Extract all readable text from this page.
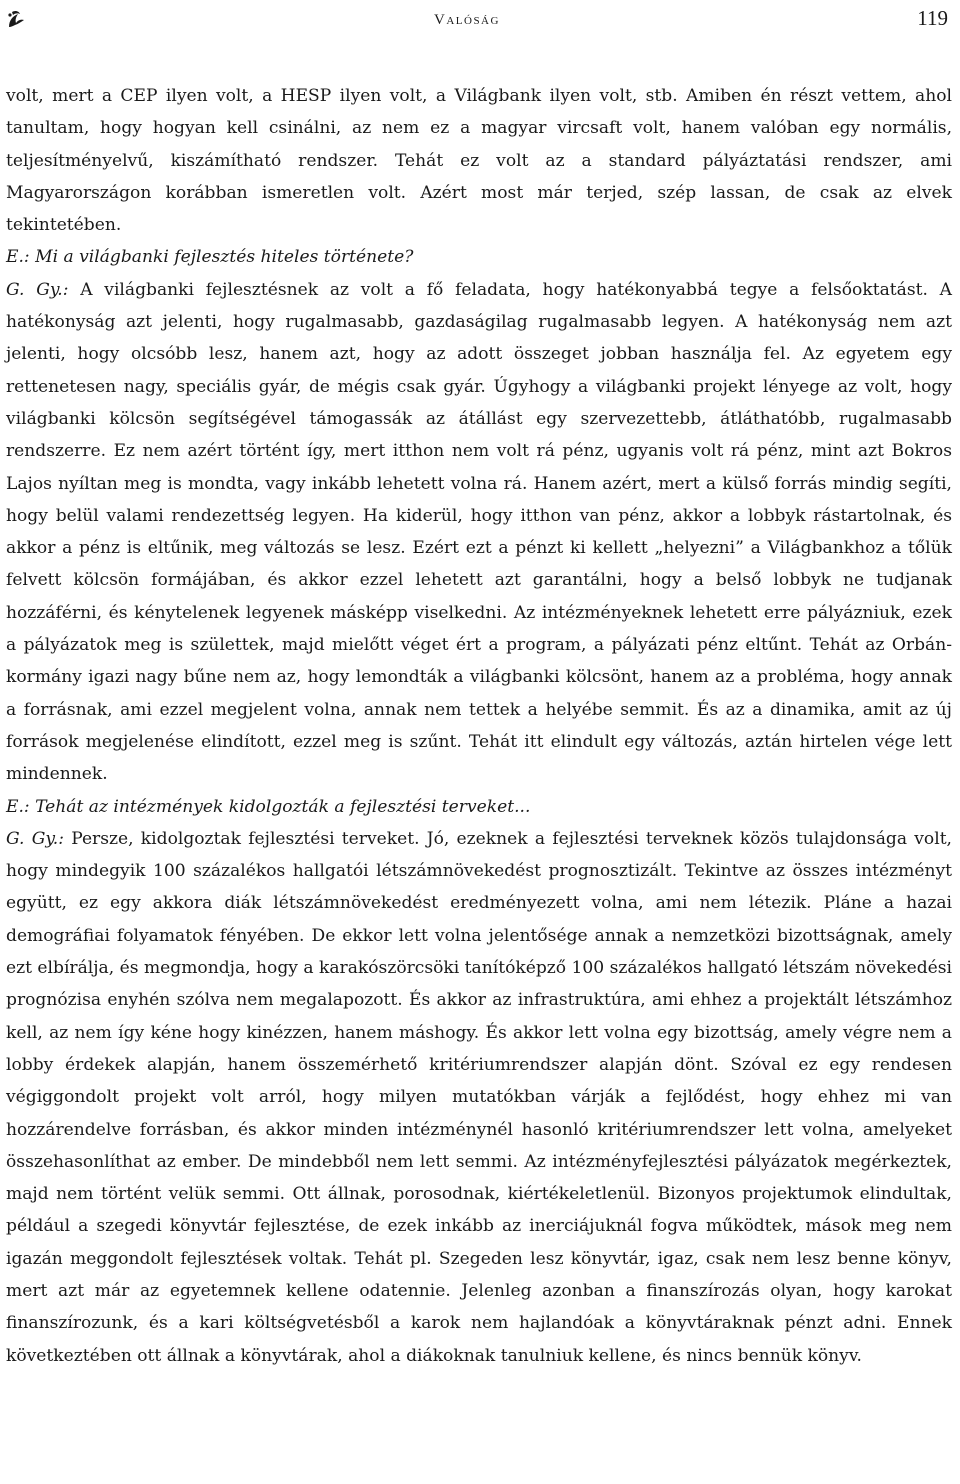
Valóság	119

volt, mert a CEP ilyen volt, a HESP ilyen volt, a Világbank ilyen volt, stb. Amiben én részt vettem, ahol tanultam, hogy hogyan kell csinálni, az nem ez a magyar vircsaft volt, hanem valóban egy normális, teljesítményelvű, kiszámítható rendszer. Tehát ez volt az a standard pályáztatási rendszer, ami Magyarországon korábban ismeretlen volt. Azért most már terjed, szép lassan, de csak az elvek tekintetében.

E.: Mi a világbanki fejlesztés hiteles története?

G. Gy.: A világbanki fejlesztésnek az volt a fő feladata, hogy hatékonyabbá tegye a felsőoktatást. A hatékonyság azt jelenti, hogy rugalmasabb, gazdaságilag rugalmasabb legyen. A hatékonyság nem azt jelenti, hogy olcsóbb lesz, hanem azt, hogy az adott összeget jobban használja fel. Az egyetem egy rettenetesen nagy, speciális gyár, de mégis csak gyár. Úgyhogy a világbanki projekt lényege az volt, hogy világbanki kölcsön segítségével támogassák az átállást egy szervezettebb, átláthatóbb, rugalmasabb rendszerre. Ez nem azért történt így, mert itthon nem volt rá pénz, ugyanis volt rá pénz, mint azt Bokros Lajos nyíltan meg is mondta, vagy inkább lehetett volna rá. Hanem azért, mert a külső forrás mindig segíti, hogy belül valami rendezettség legyen. Ha kiderül, hogy itthon van pénz, akkor a lobbyk rástartolnak, és akkor a pénz is eltűnik, meg változás se lesz. Ezért ezt a pénzt ki kellett „helyezni” a Világbankhoz a tőlük felvett kölcsön formájában, és akkor ezzel lehetett azt garantálni, hogy a belső lobbyk ne tudjanak hozzáférni, és kénytelenek legyenek másképp viselkedni. Az intézményeknek lehetett erre pályázniuk, ezek a pályázatok meg is születtek, majd mielőtt véget ért a program, a pályázati pénz eltűnt. Tehát az Orbán-kormány igazi nagy bűne nem az, hogy lemondták a világbanki kölcsönt, hanem az a probléma, hogy annak a forrásnak, ami ezzel megjelent volna, annak nem tettek a helyébe semmit. És az a dinamika, amit az új források megjelenése elindított, ezzel meg is szűnt. Tehát itt elindult egy változás, aztán hirtelen vége lett mindennek.

E.: Tehát az intézmények kidolgozták a fejlesztési terveket...

G. Gy.: Persze, kidolgoztak fejlesztési terveket. Jó, ezeknek a fejlesztési terveknek közös tulajdonsága volt, hogy mindegyik 100 százalékos hallgatói létszámnövekedést prognosztizált. Tekintve az összes intézményt együtt, ez egy akkora diák létszámnövekedést eredményezett volna, ami nem létezik. Pláne a hazai demográfiai folyamatok fényében. De ekkor lett volna jelentősége annak a nemzetközi bizottságnak, amely ezt elbírálja, és megmondja, hogy a karakószörcsöki tanítóképző 100 százalékos hallgató létszám növekedési prognózisa enyhén szólva nem megalapozott. És akkor az infrastruktúra, ami ehhez a projektált létszámhoz kell, az nem így kéne hogy kinézzen, hanem máshogy. És akkor lett volna egy bizottság, amely végre nem a lobby érdekek alapján, hanem összemérhető kritériumrendszer alapján dönt. Szóval ez egy rendesen végiggondolt projekt volt arról, hogy milyen mutatókban várják a fejlődést, hogy ehhez mi van hozzárendelve forrásban, és akkor minden intézménynél hasonló kritériumrendszer lett volna, amelyeket összehasonlíthat az ember. De mindebből nem lett semmi. Az intézményfejlesztési pályázatok megérkeztek, majd nem történt velük semmi. Ott állnak, porosodnak, kiértékeletlenül. Bizonyos projektumok elindultak, például a szegedi könyvtár fejlesztése, de ezek inkább az inerciájuknál fogva működtek, mások meg nem igazán meggondolt fejlesztések voltak. Tehát pl. Szegeden lesz könyvtár, igaz, csak nem lesz benne könyv, mert azt már az egyetemnek kellene odatennie. Jelenleg azonban a finanszírozás olyan, hogy karokat finanszírozunk, és a kari költségvetésből a karok nem hajlandóak a könyvtáraknak pénzt adni. Ennek következtében ott állnak a könyvtárak, ahol a diákoknak tanulniuk kellene, és nincs bennük könyv.
